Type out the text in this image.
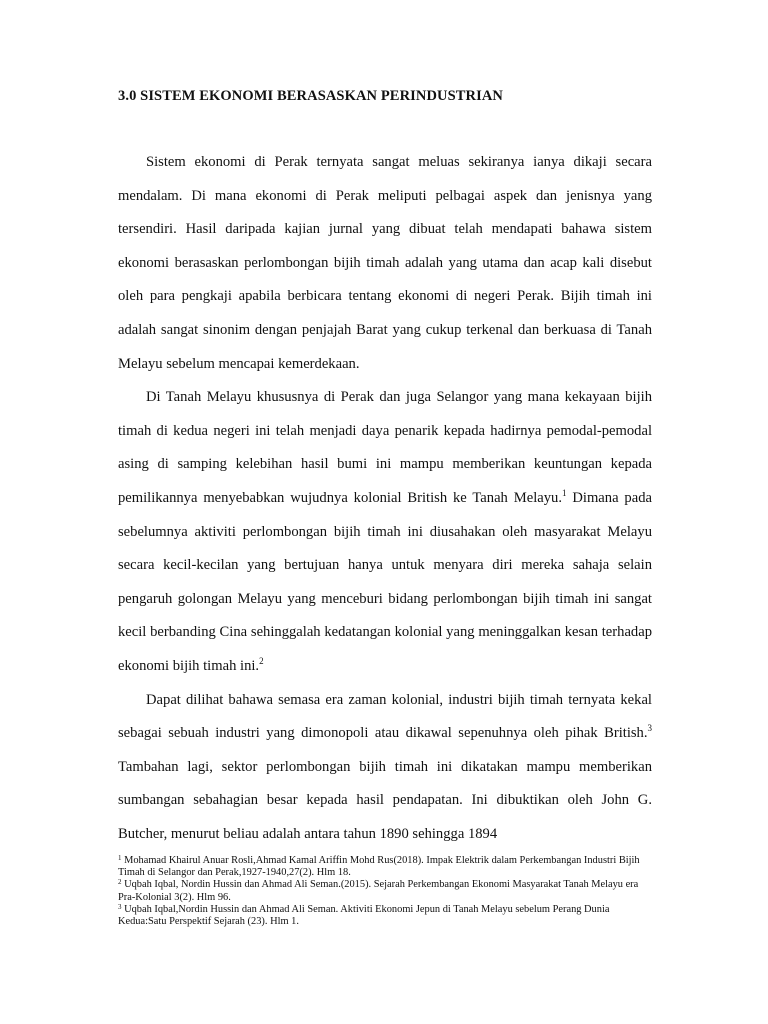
3.0 SISTEM EKONOMI BERASASKAN PERINDUSTRIAN

Sistem ekonomi di Perak ternyata sangat meluas sekiranya ianya dikaji secara mendalam. Di mana ekonomi di Perak meliputi pelbagai aspek dan jenisnya yang tersendiri. Hasil daripada kajian jurnal yang dibuat telah mendapati bahawa sistem ekonomi berasaskan perlombongan bijih timah adalah yang utama dan acap kali disebut oleh para pengkaji apabila berbicara tentang ekonomi di negeri Perak. Bijih timah ini adalah sangat sinonim dengan penjajah Barat yang cukup terkenal dan berkuasa di Tanah Melayu sebelum mencapai kemerdekaan.

Di Tanah Melayu khususnya di Perak dan juga Selangor yang mana kekayaan bijih timah di kedua negeri ini telah menjadi daya penarik kepada hadirnya pemodal-pemodal asing di samping kelebihan hasil bumi ini mampu memberikan keuntungan kepada pemilikannya menyebabkan wujudnya kolonial British ke Tanah Melayu.$^1$ Dimana pada sebelumnya aktiviti perlombongan bijih timah ini diusahakan oleh masyarakat Melayu secara kecil-kecilan yang bertujuan hanya untuk menyara diri mereka sahaja selain pengaruh golongan Melayu yang menceburi bidang perlombongan bijih timah ini sangat kecil berbanding Cina sehinggalah kedatangan kolonial yang meninggalkan kesan terhadap ekonomi bijih timah ini.$^2$

Dapat dilihat bahawa semasa era zaman kolonial, industri bijih timah ternyata kekal sebagai sebuah industri yang dimonopoli atau dikawal sepenuhnya oleh pihak British.$^3$ Tambahan lagi, sektor perlombongan bijih timah ini dikatakan mampu memberikan sumbangan sebahagian besar kepada hasil pendapatan. Ini dibuktikan oleh John G. Butcher, menurut beliau adalah antara tahun 1890 sehingga 1894

$^1$ Mohamad Khairul Anuar Rosli,Ahmad Kamal Ariffin Mohd Rus(2018). Impak Elektrik dalam Perkembangan Industri Bijih Timah di Selangor dan Perak,1927-1940,27(2). Hlm 18.

$^2$ Uqbah Iqbal, Nordin Hussin dan Ahmad Ali Seman.(2015). Sejarah Perkembangan Ekonomi Masyarakat Tanah Melayu era Pra-Kolonial 3(2). Hlm 96.

$^3$ Uqbah Iqbal,Nordin Hussin dan Ahmad Ali Seman. Aktiviti Ekonomi Jepun di Tanah Melayu sebelum Perang Dunia Kedua:Satu Perspektif Sejarah (23). Hlm 1.
